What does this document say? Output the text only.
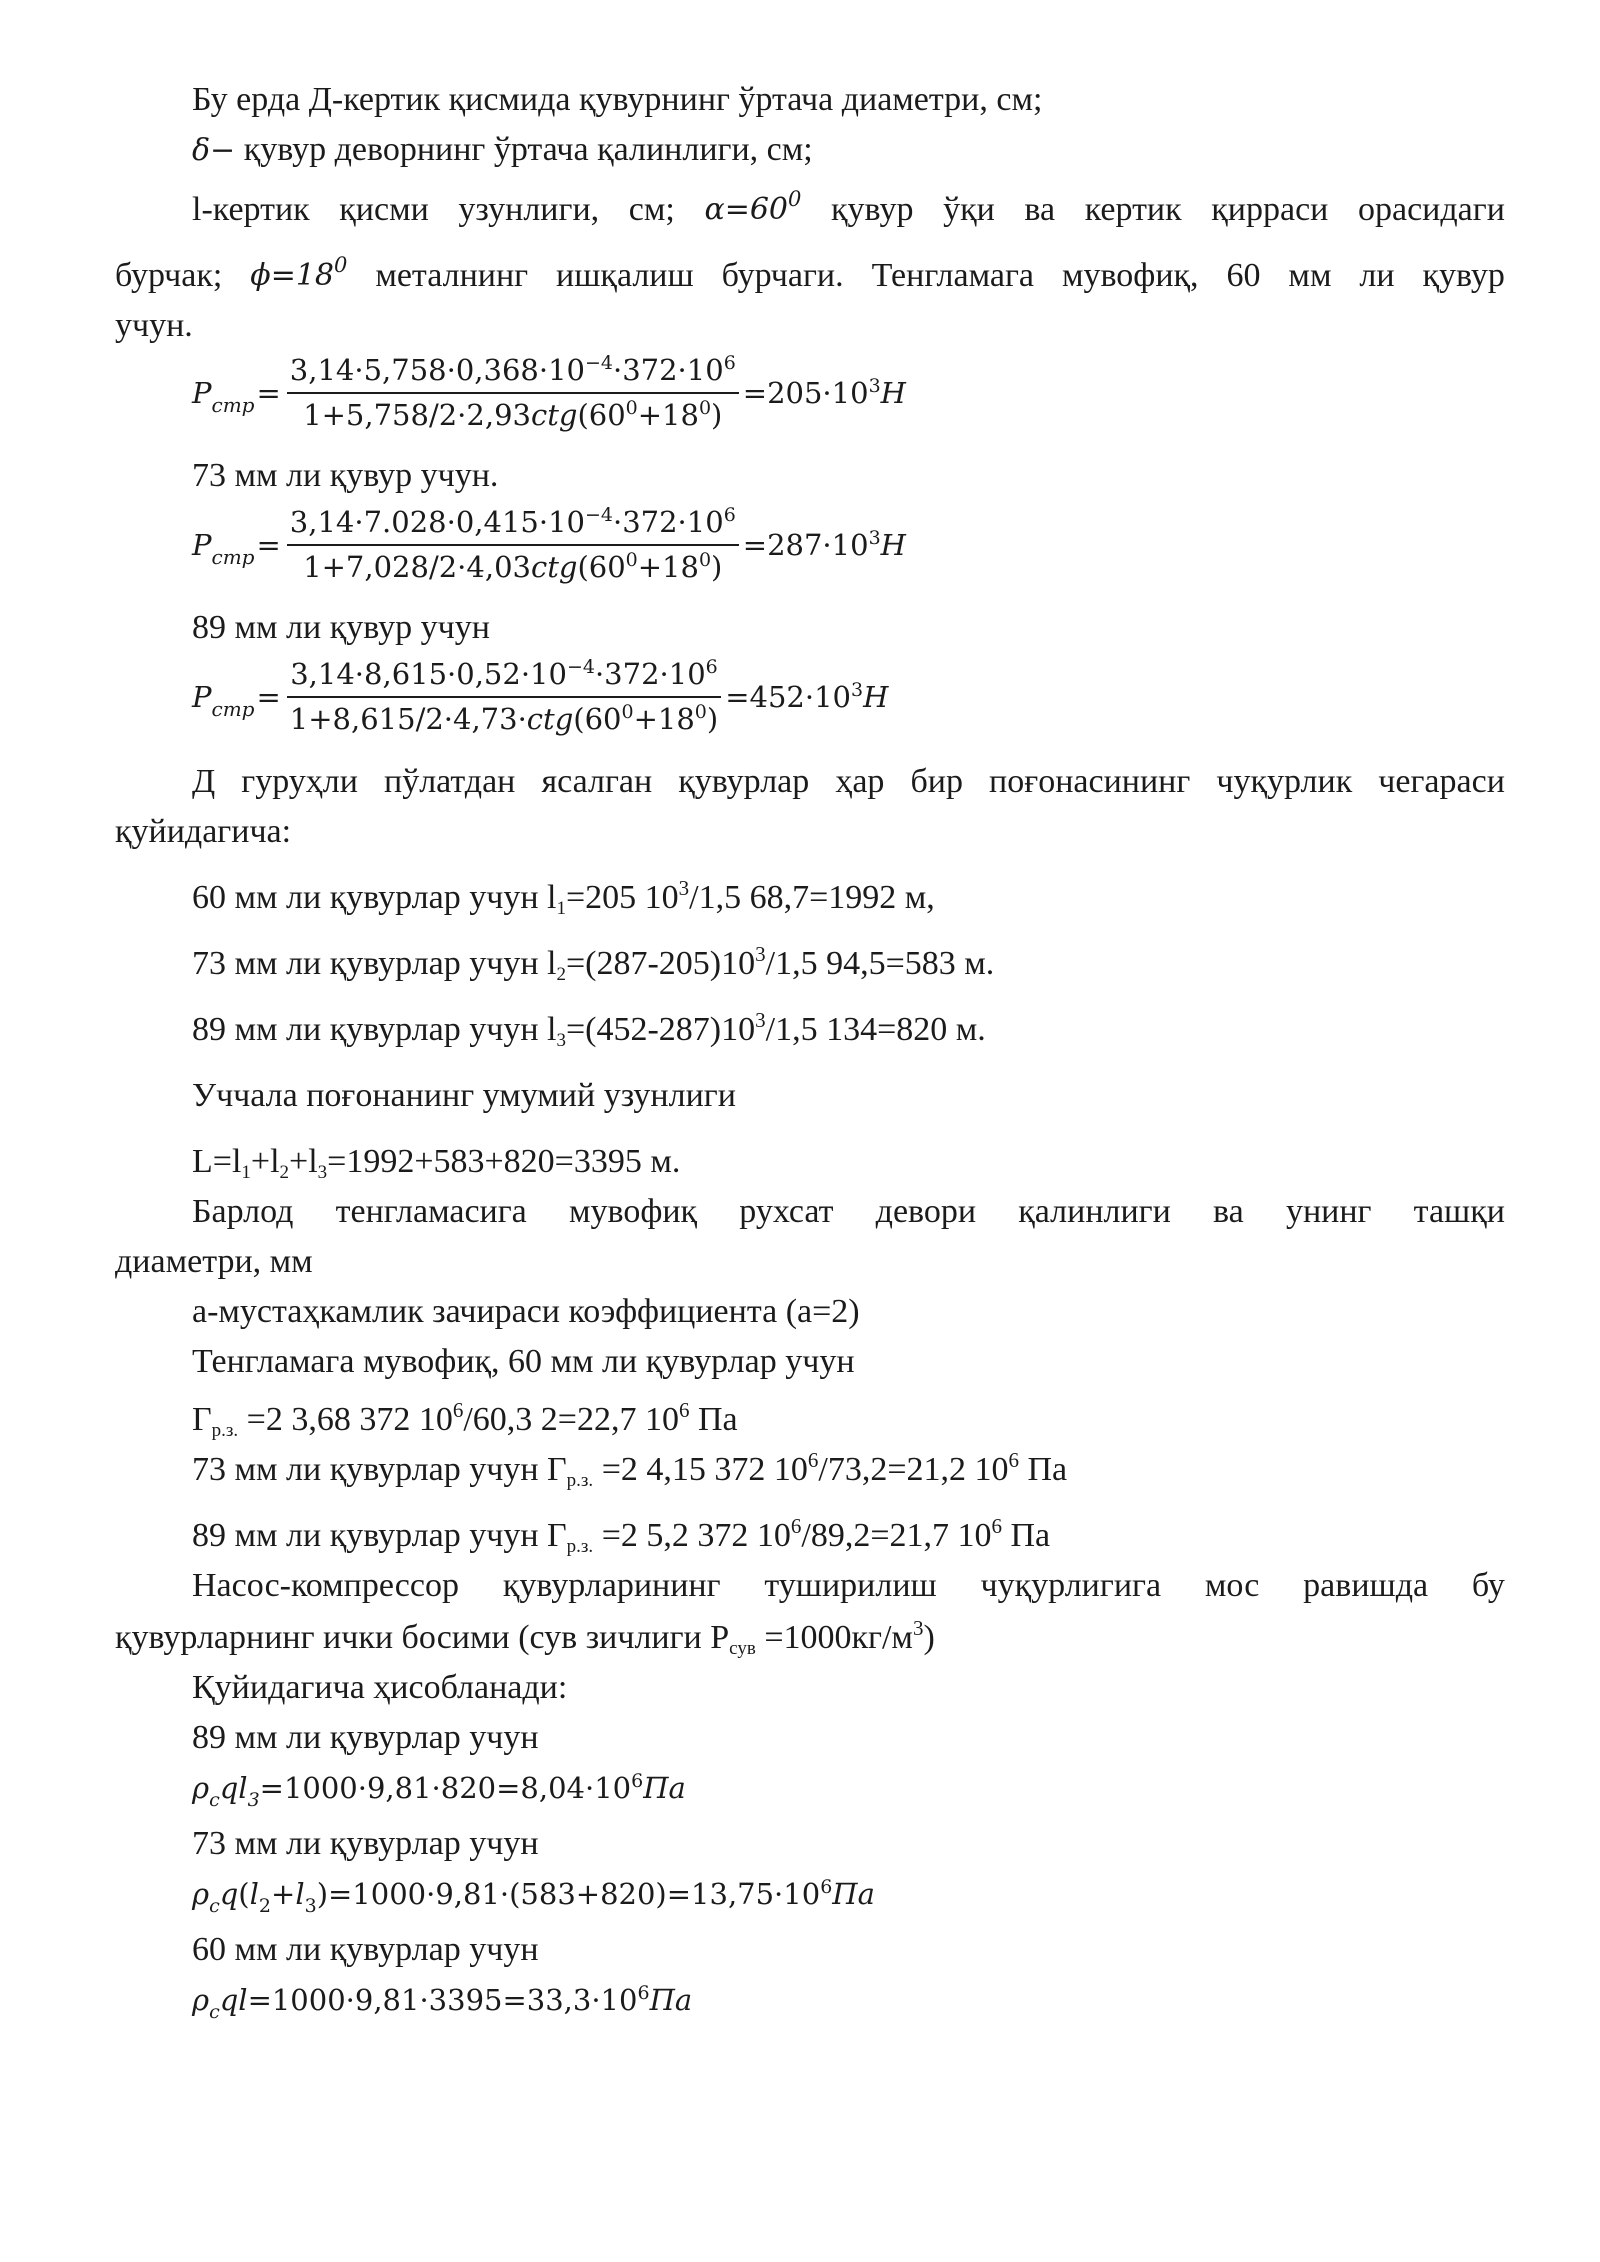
Бу ерда Д-кертик қисмида қувурнинг ўртача диаметри, см;
δ− қувур деворнинг ўртача қалинлиги, см;
l-кертик қисми узунлиги, см; $\alpha=60^0$ қувур ўқи ва кертик қирраси орасидаги
бурчак; $\phi=18^0$ металнинг ишқалиш бурчаги. Тенгламага мувофиқ, 60 мм ли қувур
учун.
$P_{стр} = \frac{3,14\cdot 5,758\cdot 0,368\cdot 10^{-4}\cdot 372\cdot 10^6}{1+5,758/2\cdot 2,93ctg(60^0+18^0)} =205\cdot 10^3H$
73 мм ли қувур учун.
$P_{стр} = \frac{3,14\cdot 7.028\cdot 0,415\cdot 10^{-4}\cdot 372\cdot 10^6}{1+7,028/2\cdot 4,03ctg(60^0+18^0)} =287\cdot 10^3H$
89 мм ли қувур учун
$P_{стр} = \frac{3,14\cdot 8,615\cdot 0,52\cdot 10^{-4}\cdot 372\cdot 10^6}{1+8,615/2\cdot 4,73\cdot ctg(60^0+18^0)} =452\cdot 10^3H$
Д гуруҳли пўлатдан ясалган қувурлар ҳар бир поғонасининг чуқурлик чегараси
қуйидагича:
60 мм ли қувурлар учун $l_1=205$ $10^3/1,5$ 68,7=1992 м,
73 мм ли қувурлар учун $l_2=(287-205)10^3/1,5$ 94,5=583 м.
89 мм ли қувурлар учун $l_3=(452-287)10^3/1,5$ 134=820 м.
Уччала поғонанинг умумий узунлиги
$L=l_1+l_2+l_3=1992+583+820=3395$ м.
Барлод тенгламасига мувофиқ рухсат девори қалинлиги ва унинг ташқи
диаметри, мм
а-мустаҳкамлик зачираси коэффициента (а=2)
Тенгламага мувофиқ, 60 мм ли қувурлар учун
$Г_{р.з.} =2$ 3,68 372 $10^6/60,3$ 2=22,7 $10^6$ Па
73 мм ли қувурлар учун $Г_{р.з.} =2$ 4,15 372 $10^6/73,2=21,2$ $10^6$ Па
89 мм ли қувурлар учун $Г_{р.з.} =2$ 5,2 372 $10^6/89,2=21,7$ $10^6$ Па
Насос-компрессор қувурларининг туширилиш чуқурлигига мос равишда бу
қувурларнинг ички босими (сув зичлиги $Р_{сув} =1000кг/м^3$)
Қуйидагича ҳисобланади:
89 мм ли қувурлар учун
$\rho_cql_3=1000\cdot 9,81\cdot 820=8,04\cdot 10^6Па$
73 мм ли қувурлар учун
$\rho_cq(l_2+l_3)=1000\cdot 9,81\cdot(583+820)=13,75\cdot 10^6Па$
60 мм ли қувурлар учун
$\rho_cql=1000\cdot 9,81\cdot 3395=33,3\cdot 10^6Па$
